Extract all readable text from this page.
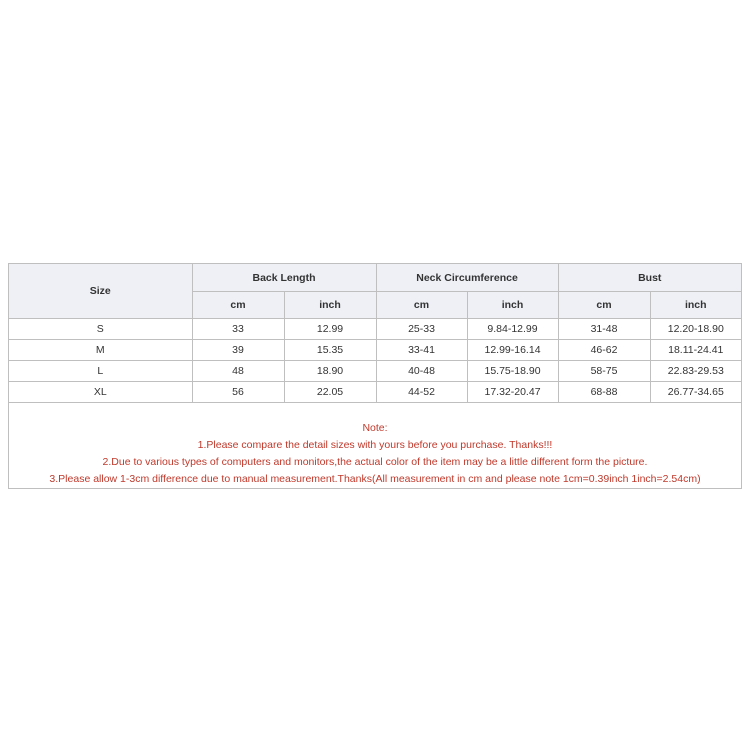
Size	Back Length		Neck Circumference		Bust	
	cm	inch	cm	inch	cm	inch
S	33	12.99	25-33	9.84-12.99	31-48	12.20-18.90
M	39	15.35	33-41	12.99-16.14	46-62	18.11-24.41
L	48	18.90	40-48	15.75-18.90	58-75	22.83-29.53
XL	56	22.05	44-52	17.32-20.47	68-88	26.77-34.65
Note:
1.Please compare the detail sizes with yours before you purchase. Thanks!!!
2.Due to various types of computers and monitors,the actual color of the item may be a little different form the picture.
3.Please allow 1-3cm difference due to manual measurement.Thanks(All measurement in cm and please note 1cm=0.39inch 1inch=2.54cm)
